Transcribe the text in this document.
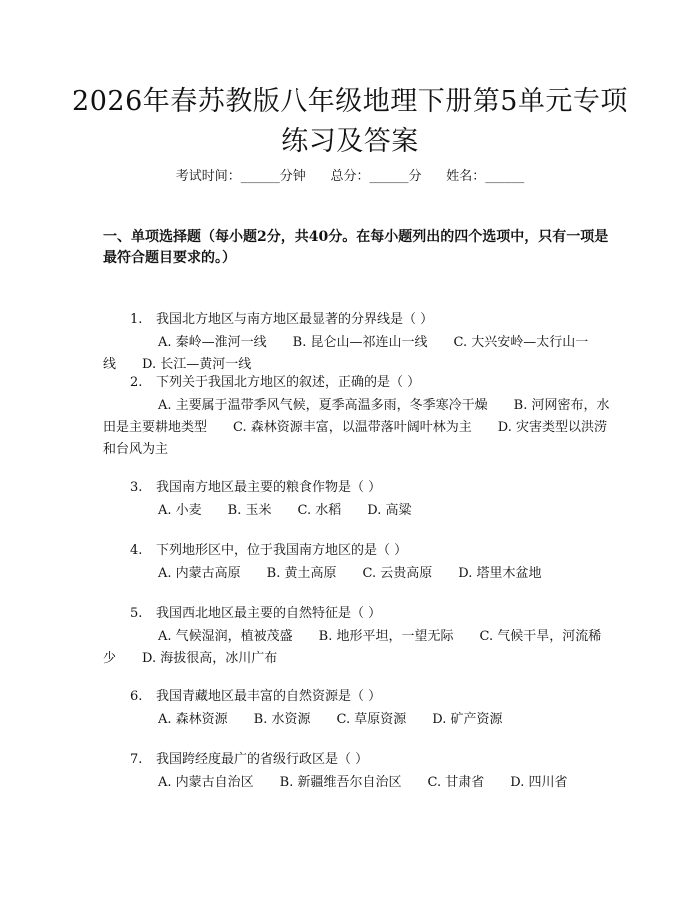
2026年春苏教版八年级地理下册第5单元专项练习及答案
考试时间：______分钟      总分：______分      姓名：______
一、单项选择题（每小题2分，共40分。在每小题列出的四个选项中，只有一项是最符合题目要求的。）
1. 我国北方地区与南方地区最显著的分界线是（ ）
A. 秦岭—淮河一线 B. 昆仑山—祁连山一线 C. 大兴安岭—太行山一线 D. 长江—黄河一线
2. 下列关于我国北方地区的叙述，正确的是（ ）
A. 主要属于温带季风气候，夏季高温多雨，冬季寒冷干燥 B. 河网密布，水田是主要耕地类型 C. 森林资源丰富，以温带落叶阔叶林为主 D. 灾害类型以洪涝和台风为主
3. 我国南方地区最主要的粮食作物是（ ）
A. 小麦 B. 玉米 C. 水稻 D. 高粱
4. 下列地形区中，位于我国南方地区的是（ ）
A. 内蒙古高原 B. 黄土高原 C. 云贵高原 D. 塔里木盆地
5. 我国西北地区最主要的自然特征是（ ）
A. 气候湿润，植被茂盛 B. 地形平坦，一望无际 C. 气候干旱，河流稀少 D. 海拔很高，冰川广布
6. 我国青藏地区最丰富的自然资源是（ ）
A. 森林资源 B. 水资源 C. 草原资源 D. 矿产资源
7. 我国跨经度最广的省级行政区是（ ）
A. 内蒙古自治区 B. 新疆维吾尔自治区 C. 甘肃省 D. 四川省
